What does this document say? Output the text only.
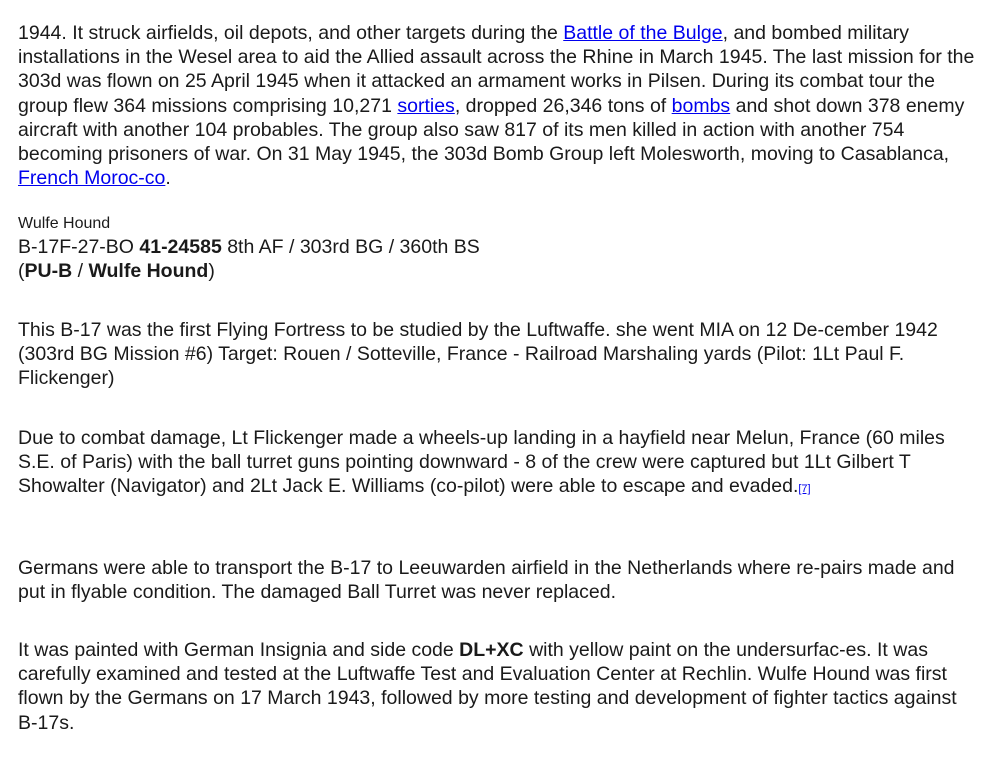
1944. It struck airfields, oil depots, and other targets during the Battle of the Bulge, and bombed military installations in the Wesel area to aid the Allied assault across the Rhine in March 1945. The last mission for the 303d was flown on 25 April 1945 when it attacked an armament works in Pilsen. During its combat tour the group flew 364 missions comprising 10,271 sorties, dropped 26,346 tons of bombs and shot down 378 enemy aircraft with another 104 probables. The group also saw 817 of its men killed in action with another 754 becoming prisoners of war. On 31 May 1945, the 303d Bomb Group left Molesworth, moving to Casablanca, French Moroc-co.

Wulfe Hound

B-17F-27-BO 41-24585 8th AF / 303rd BG / 360th BS
(PU-B / Wulfe Hound)

This B-17 was the first Flying Fortress to be studied by the Luftwaffe. she went MIA on 12 De-cember 1942 (303rd BG Mission #6) Target: Rouen / Sotteville, France - Railroad Marshaling yards (Pilot: 1Lt Paul F. Flickenger)

Due to combat damage, Lt Flickenger made a wheels-up landing in a hayfield near Melun, France (60 miles S.E. of Paris) with the ball turret guns pointing downward - 8 of the crew were captured but 1Lt Gilbert T Showalter (Navigator) and 2Lt Jack E. Williams (co-pilot) were able to escape and evaded.[7]

Germans were able to transport the B-17 to Leeuwarden airfield in the Netherlands where re-pairs made and put in flyable condition. The damaged Ball Turret was never replaced.

It was painted with German Insignia and side code DL+XC with yellow paint on the undersurfac-es. It was carefully examined and tested at the Luftwaffe Test and Evaluation Center at Rechlin. Wulfe Hound was first flown by the Germans on 17 March 1943, followed by more testing and development of fighter tactics against B-17s.
